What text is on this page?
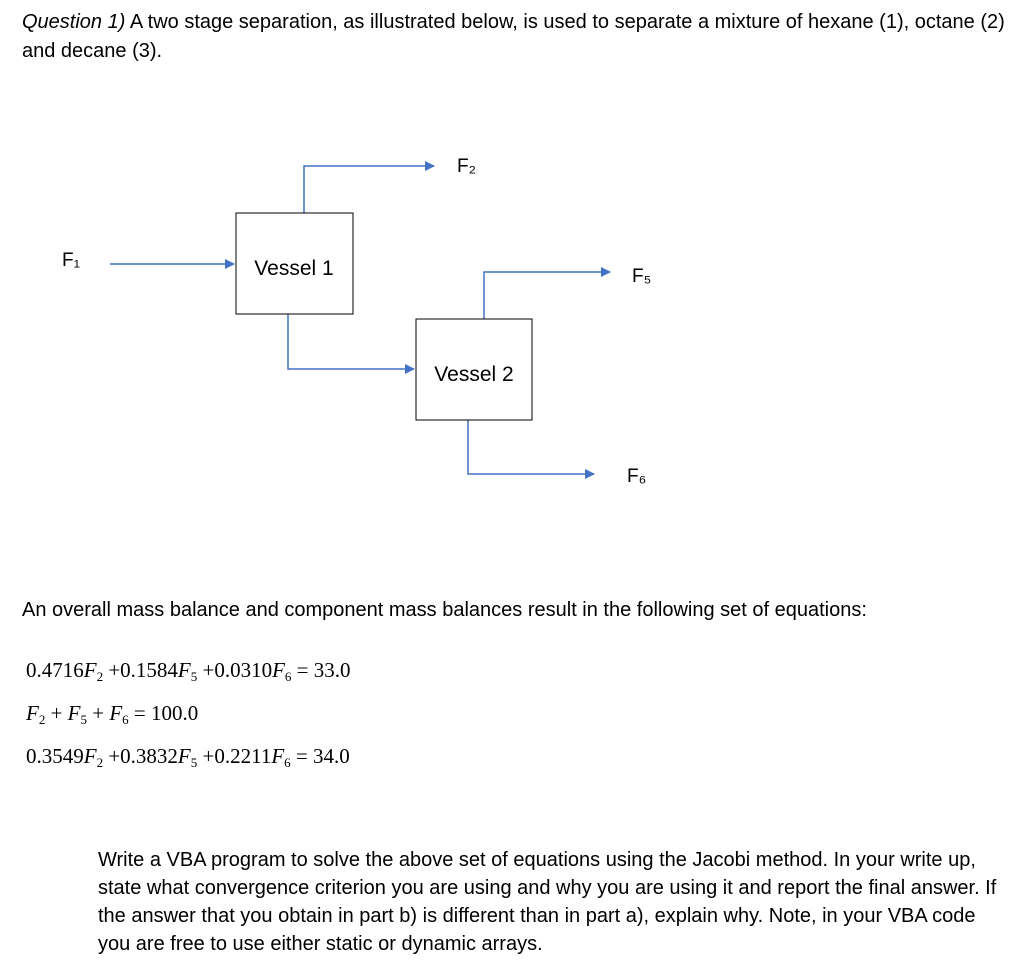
Question 1) A two stage separation, as illustrated below, is used to separate a mixture of hexane (1), octane (2) and decane (3).
Vessel 1
Vessel 2
F₁
F₂
F₅
F₆
An overall mass balance and component mass balances result in the following set of equations:
$0.4716F_2 +0.1584F_5 +0.0310F_6 = 33.0$
$F_2 + F_5 + F_6 = 100.0$
$0.3549F_2 +0.3832F_5 +0.2211F_6 = 34.0$
Write a VBA program to solve the above set of equations using the Jacobi method. In your write up, state what convergence criterion you are using and why you are using it and report the final answer. If the answer that you obtain in part b) is different than in part a), explain why. Note, in your VBA code you are free to use either static or dynamic arrays.
